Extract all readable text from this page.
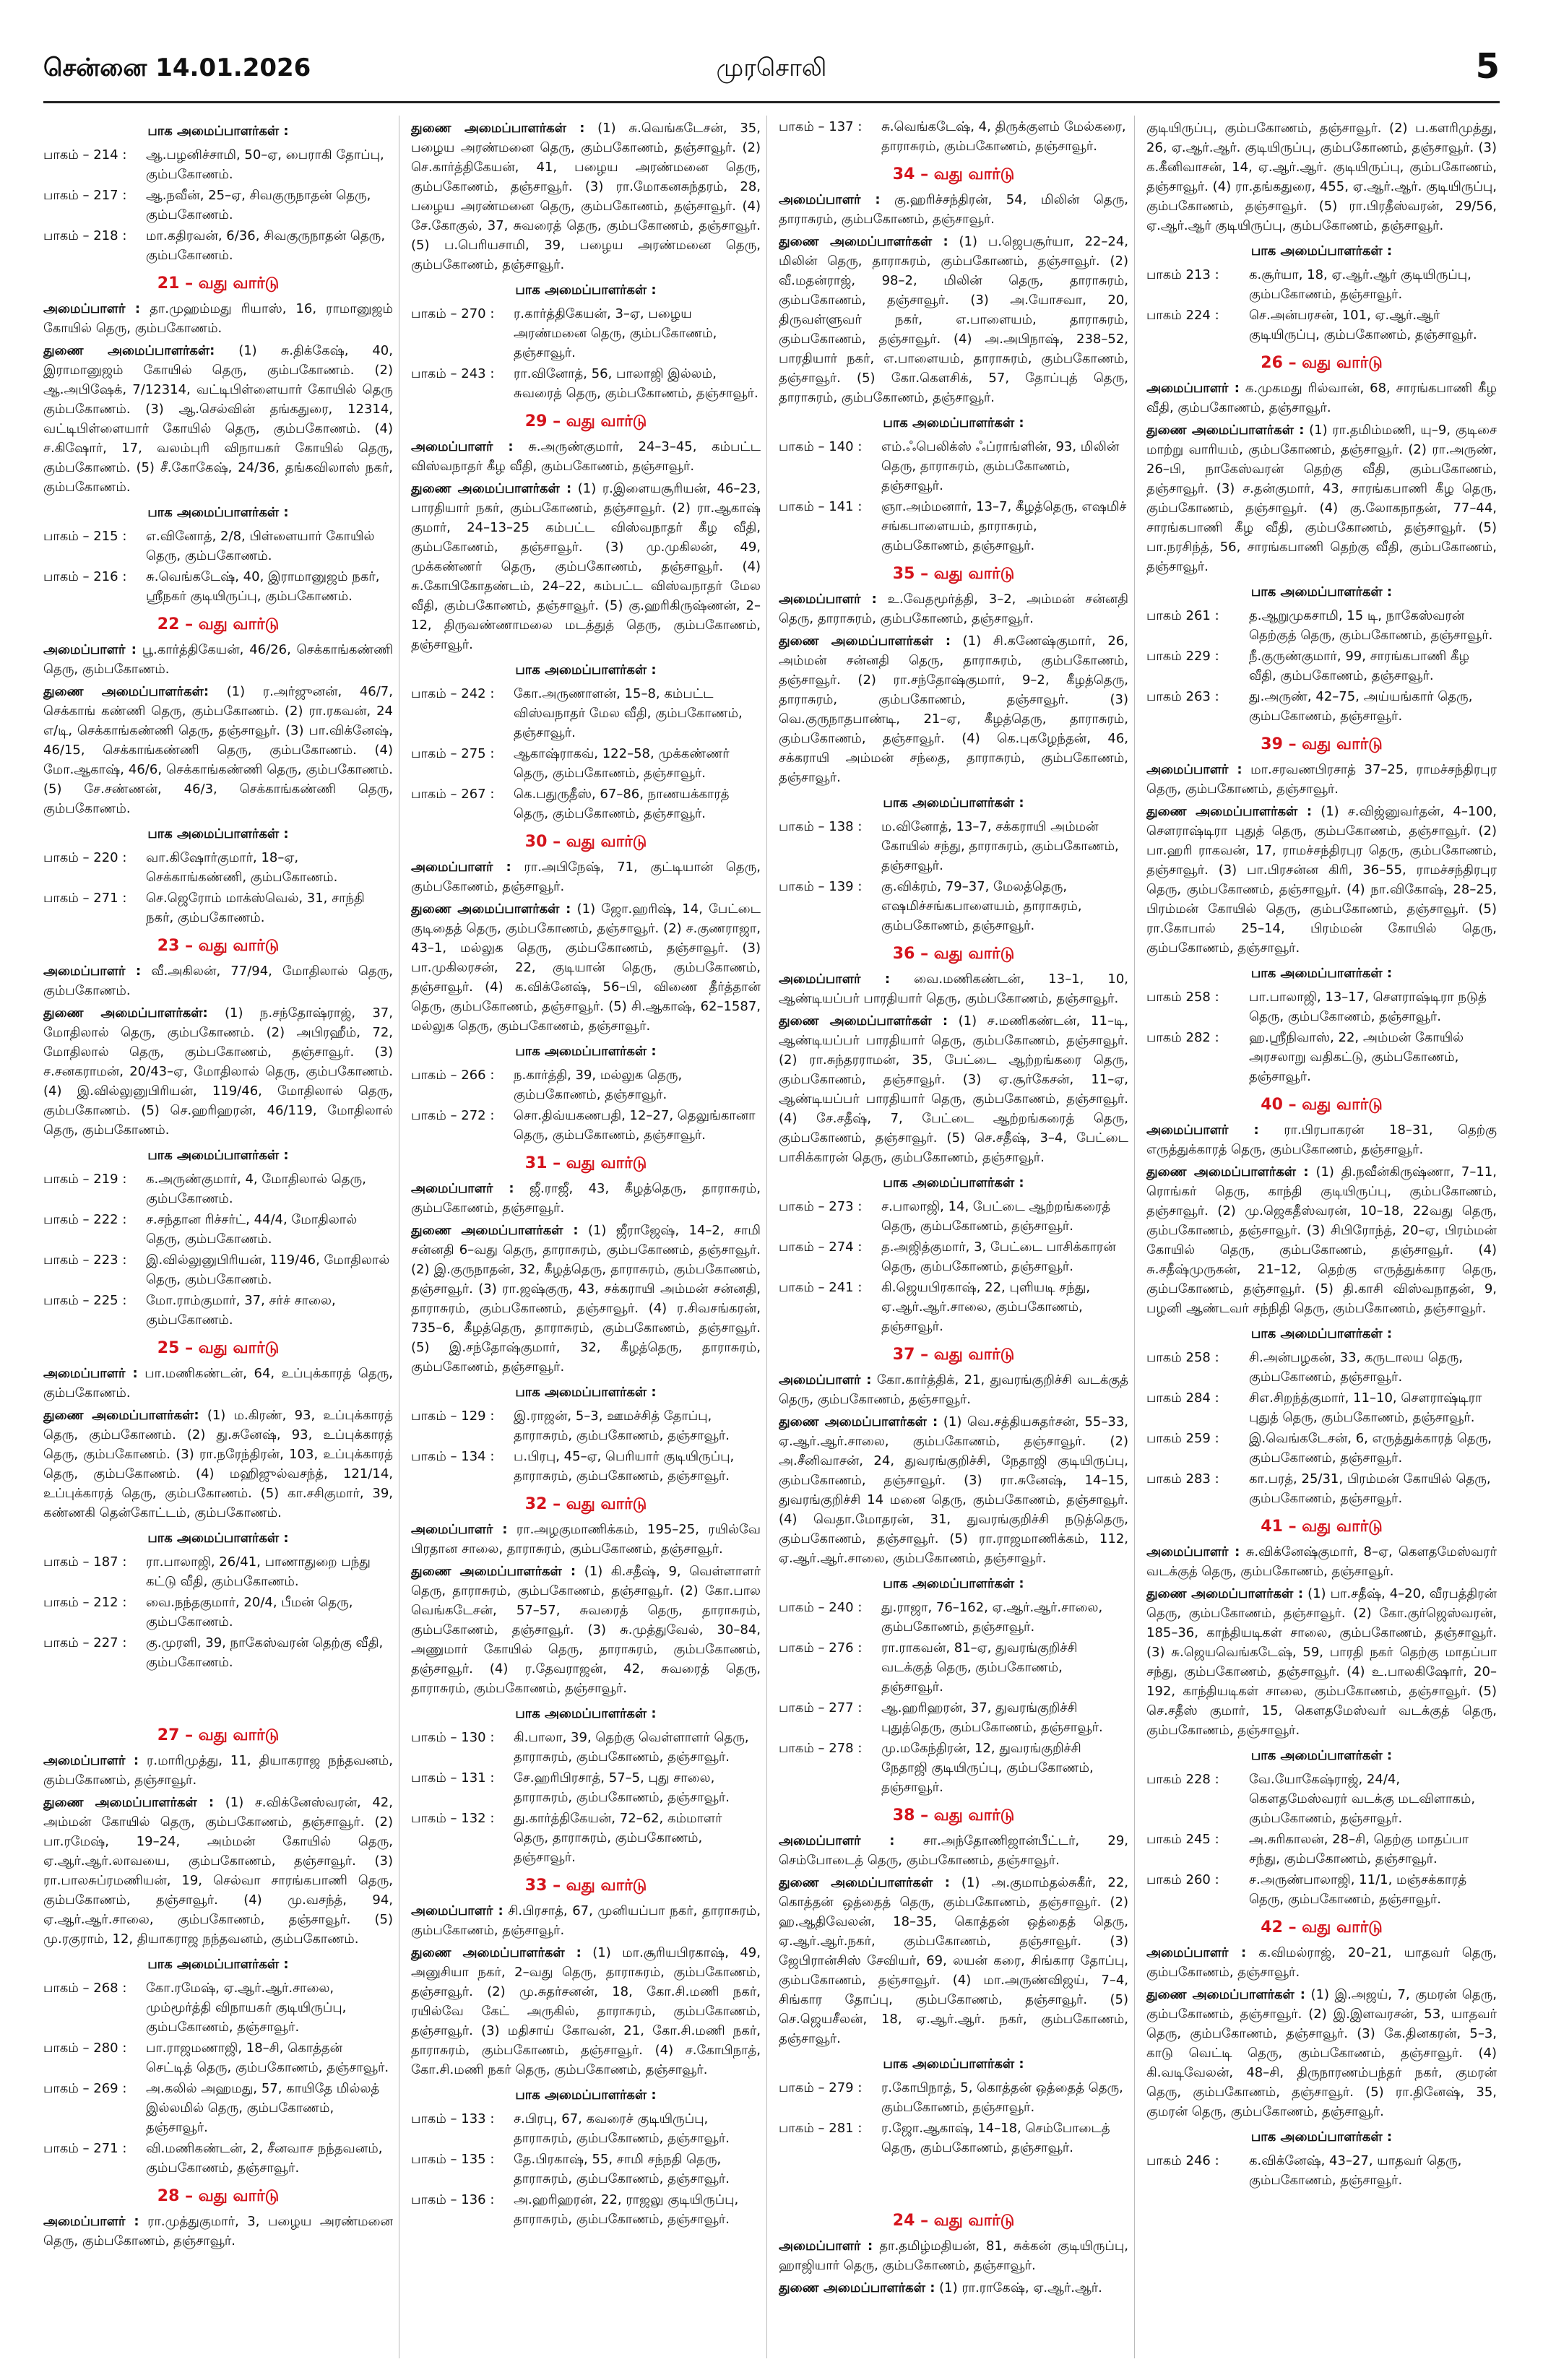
சென்னை 14.01.2026	முரசொலி	5
பாக அமைப்பாளர்கள் :
பாகம் – 214 :	ஆ.பழனிச்சாமி, 50–ஏ, பைராகி தோப்பு, கும்பகோணம்.
பாகம் – 217 :	ஆ.நவீன், 25–ஏ, சிவகுருநாதன் தெரு, கும்பகோணம்.
பாகம் – 218 :	மா.கதிரவன், 6/36, சிவகுருநாதன் தெரு, கும்பகோணம்.
21 – வது வார்டு
அமைப்பாளர் : தா.முஹம்மது ரியாஸ், 16, ராமானுஜம் கோயில் தெரு, கும்பகோணம்.
துணை அமைப்பாளர்கள்: (1) சு.திக்கேஷ், 40, இராமானுஜம் கோயில் தெரு, கும்பகோணம். (2) ஆ.அபிஷேக், 7/12314, வட்டிபிள்ளையார் கோயில் தெரு கும்பகோணம். (3) ஆ.செல்வின் தங்கதுரை, 12314, வட்டிபிள்ளையார் கோயில் தெரு, கும்பகோணம். (4) ச.கிஷோர், 17, வலம்புரி விநாயகர் கோயில் தெரு, கும்பகோணம். (5) சீ.கோகேஷ், 24/36, தங்கவிலாஸ் நகர், கும்பகோணம்.
பாக அமைப்பாளர்கள் :
பாகம் – 215 :	எ.வினோத், 2/8, பிள்ளையார் கோயில் தெரு, கும்பகோணம்.
பாகம் – 216 :	சு.வெங்கடேஷ், 40, இராமானுஜம் நகர், ஸ்ரீநகர் குடியிருப்பு, கும்பகோணம்.
22 – வது வார்டு
அமைப்பாளர் : பூ.கார்த்திகேயன், 46/26, செக்காங்கண்ணி தெரு, கும்பகோணம்.
துணை அமைப்பாளர்கள்: (1) ர.அர்ஜுனன், 46/7, செக்காங் கண்ணி தெரு, கும்பகோணம். (2) ரா.ரகவன், 24 எ/டி, செக்காங்கண்ணி தெரு, தஞ்சாவூர். (3) பா.விக்னேஷ், 46/15, செக்காங்கண்ணி தெரு, கும்பகோணம். (4) மோ.ஆகாஷ், 46/6, செக்காங்கண்ணி தெரு, கும்பகோணம். (5) சே.சண்ணன், 46/3, செக்காங்கண்ணி தெரு, கும்பகோணம்.
பாக அமைப்பாளர்கள் :
பாகம் – 220 :	வா.கிஷோர்குமார், 18–ஏ, செக்காங்கண்ணி, கும்பகோணம்.
பாகம் – 271 :	செ.ஜெரோம் மாக்ஸ்வெல், 31, சாந்தி நகர், கும்பகோணம்.
23 – வது வார்டு
அமைப்பாளர் : வீ.அகிலன், 77/94, மோதிலால் தெரு, கும்பகோணம்.
துணை அமைப்பாளர்கள்: (1) ந.சந்தோஷ்ராஜ், 37, மோதிலால் தெரு, கும்பகோணம். (2) அபிரஹீம், 72, மோதிலால் தெரு, கும்பகோணம், தஞ்சாவூர். (3) ச.சனகராமன், 20/43–ஏ, மோதிலால் தெரு, கும்பகோணம். (4) இ.வில்லுனுபிரியன், 119/46, மோதிலால் தெரு, கும்பகோணம். (5) செ.ஹரிஹரன், 46/119, மோதிலால் தெரு, கும்பகோணம்.
பாக அமைப்பாளர்கள் :
பாகம் – 219 :	க.அருண்குமார், 4, மோதிலால் தெரு, கும்பகோணம்.
பாகம் – 222 :	ச.சந்தான ரிச்சர்ட், 44/4, மோதிலால் தெரு, கும்பகோணம்.
பாகம் – 223 :	இ.வில்லுனுபிரியன், 119/46, மோதிலால் தெரு, கும்பகோணம்.
பாகம் – 225 :	மோ.ராம்குமார், 37, சர்ச் சாலை, கும்பகோணம்.
25 – வது வார்டு
அமைப்பாளர் : பா.மணிகண்டன், 64, உப்புக்காரத் தெரு, கும்பகோணம்.
துணை அமைப்பாளர்கள்: (1) ம.கிரண், 93, உப்புக்காரத் தெரு, கும்பகோணம். (2) து.சுனேஷ், 93, உப்புக்காரத் தெரு, கும்பகோணம். (3) ரா.நரேந்திரன், 103, உப்புக்காரத் தெரு, கும்பகோணம். (4) மஹிஜுல்வசந்த், 121/14, உப்புக்காரத் தெரு, கும்பகோணம். (5) கா.சசிகுமார், 39, கண்ணகி தென்கோட்டம், கும்பகோணம்.
பாக அமைப்பாளர்கள் :
பாகம் – 187 :	ரா.பாலாஜி, 26/41, பாணாதுறை பந்து கட்டு வீதி, கும்பகோணம்.
பாகம் – 212 :	வை.நந்தகுமார், 20/4, பீமன் தெரு, கும்பகோணம்.
பாகம் – 227 :	கு.முரளி, 39, நாகேஸ்வரன் தெற்கு வீதி, கும்பகோணம்.
27 – வது வார்டு
அமைப்பாளர் : ர.மாரிமுத்து, 11, தியாகராஜ நந்தவனம், கும்பகோணம், தஞ்சாவூர்.
துணை அமைப்பாளர்கள் : (1) ச.விக்னேஸ்வரன், 42, அம்மன் கோயில் தெரு, கும்பகோணம், தஞ்சாவூர். (2) பா.ரமேஷ், 19–24, அம்மன் கோயில் தெரு, ஏ.ஆர்.ஆர்.லாவயை, கும்பகோணம், தஞ்சாவூர். (3) ரா.பாலசுப்ரமணியன், 19, செல்வா சாரங்கபாணி தெரு, கும்பகோணம், தஞ்சாவூர். (4) மு.வசந்த், 94, ஏ.ஆர்.ஆர்.சாலை, கும்பகோணம், தஞ்சாவூர். (5) மு.ரகுராம், 12, தியாகராஜ நந்தவனம், கும்பகோணம்.
பாக அமைப்பாளர்கள் :
பாகம் – 268 :	கோ.ரமேஷ், ஏ.ஆர்.ஆர்.சாலை, மும்மூர்த்தி விநாயகர் குடியிருப்பு, கும்பகோணம், தஞ்சாவூர்.
பாகம் – 280 :	பா.ராஜமணாஜி, 18–சி, கொத்தன் செட்டித் தெரு, கும்பகோணம், தஞ்சாவூர்.
பாகம் – 269 :	அ.கலில் அஹமது, 57, காயிதே மில்லத் இல்லமில் தெரு, கும்பகோணம், தஞ்சாவூர்.
பாகம் – 271 :	வி.மணிகண்டன், 2, சீனவாச நந்தவனம், கும்பகோணம், தஞ்சாவூர்.
28 – வது வார்டு
அமைப்பாளர் : ரா.முத்துகுமார், 3, பழைய அரண்மனை தெரு, கும்பகோணம், தஞ்சாவூர்.
துணை அமைப்பாளர்கள் : (1) சு.வெங்கடேசன், 35, பழைய அரண்மனை தெரு, கும்பகோணம், தஞ்சாவூர். (2) செ.கார்த்திகேயன், 41, பழைய அரண்மனை தெரு, கும்பகோணம், தஞ்சாவூர். (3) ரா.மோகனசுந்தரம், 28, பழைய அரண்மனை தெரு, கும்பகோணம், தஞ்சாவூர். (4) சே.கோகுல், 37, சுவரைத் தெரு, கும்பகோணம், தஞ்சாவூர். (5) ப.பெரியசாமி, 39, பழைய அரண்மனை தெரு, கும்பகோணம், தஞ்சாவூர்.
பாக அமைப்பாளர்கள் :
பாகம் – 270 :	ர.கார்த்திகேயன், 3–ஏ, பழைய அரண்மனை தெரு, கும்பகோணம், தஞ்சாவூர்.
பாகம் – 243 :	ரா.வினோத், 56, பாலாஜி இல்லம், சுவரைத் தெரு, கும்பகோணம், தஞ்சாவூர்.
29 – வது வார்டு
அமைப்பாளர் : சு.அருண்குமார், 24–3–45, கம்பட்ட விஸ்வநாதர் கீழ வீதி, கும்பகோணம், தஞ்சாவூர்.
துணை அமைப்பாளர்கள் : (1) ர.இளையசூரியன், 46–23, பாரதியார் நகர், கும்பகோணம், தஞ்சாவூர். (2) ரா.ஆகாஷ் குமார், 24–13–25 கம்பட்ட விஸ்வநாதர் கீழ வீதி, கும்பகோணம், தஞ்சாவூர். (3) மு.முகிலன், 49, முக்கண்ணர் தெரு, கும்பகோணம், தஞ்சாவூர். (4) சு.கோபிகோதண்டம், 24–22, கம்பட்ட விஸ்வநாதர் மேல வீதி, கும்பகோணம், தஞ்சாவூர். (5) கு.ஹரிகிருஷ்ணன், 2–12, திருவண்ணாமலை மடத்துத் தெரு, கும்பகோணம், தஞ்சாவூர்.
பாக அமைப்பாளர்கள் :
பாகம் – 242 :	கோ.அருணாளன், 15–8, கம்பட்ட விஸ்வநாதர் மேல வீதி, கும்பகோணம், தஞ்சாவூர்.
பாகம் – 275 :	ஆகாஷ்ராகவ், 122–58, முக்கண்ணர் தெரு, கும்பகோணம், தஞ்சாவூர்.
பாகம் – 267 :	கெ.பதுருதீஸ், 67–86, நாணயக்காரத் தெரு, கும்பகோணம், தஞ்சாவூர்.
30 – வது வார்டு
அமைப்பாளர் : ரா.அபிநேஷ், 71, குட்டியான் தெரு, கும்பகோணம், தஞ்சாவூர்.
துணை அமைப்பாளர்கள் : (1) ஜோ.ஹரிஷ், 14, பேட்டை குடிதைத் தெரு, கும்பகோணம், தஞ்சாவூர். (2) ச.குணராஜா, 43–1, மல்லுக தெரு, கும்பகோணம், தஞ்சாவூர். (3) பா.முகிலரசன், 22, குடியான் தெரு, கும்பகோணம், தஞ்சாவூர். (4) க.விக்னேஷ், 56–பி, விணை தீர்த்தான் தெரு, கும்பகோணம், தஞ்சாவூர். (5) சி.ஆகாஷ், 62–1587, மல்லுக தெரு, கும்பகோணம், தஞ்சாவூர்.
பாக அமைப்பாளர்கள் :
பாகம் – 266 :	ந.கார்த்தி, 39, மல்லுக தெரு, கும்பகோணம், தஞ்சாவூர்.
பாகம் – 272 :	சொ.திவ்யகணபதி, 12–27, தெலுங்கானா தெரு, கும்பகோணம், தஞ்சாவூர்.
31 – வது வார்டு
அமைப்பாளர் : ஜீ.ராஜீ, 43, கீழத்தெரு, தாராசுரம், கும்பகோணம், தஞ்சாவூர்.
துணை அமைப்பாளர்கள் : (1) ஜீராஜேஷ், 14–2, சாமி சன்னதி 6–வது தெரு, தாராசுரம், கும்பகோணம், தஞ்சாவூர். (2) இ.குருநாதன், 32, கீழத்தெரு, தாராசுரம், கும்பகோணம், தஞ்சாவூர். (3) ரா.ஜஷ்குரு, 43, சக்கராயி அம்மன் சன்னதி, தாராசுரம், கும்பகோணம், தஞ்சாவூர். (4) ர.சிவசங்கரன், 735–6, கீழத்தெரு, தாராசுரம், கும்பகோணம், தஞ்சாவூர். (5) இ.சந்தோஷ்குமார், 32, கீழத்தெரு, தாராசுரம், கும்பகோணம், தஞ்சாவூர்.
பாக அமைப்பாளர்கள் :
பாகம் – 129 :	இ.ராஜன், 5–3, ஊமச்சித் தோப்பு, தாராசுரம், கும்பகோணம், தஞ்சாவூர்.
பாகம் – 134 :	ப.பிரபு, 45–ஏ, பெரியார் குடியிருப்பு, தாராசுரம், கும்பகோணம், தஞ்சாவூர்.
32 – வது வார்டு
அமைப்பாளர் : ரா.அழகுமாணிக்கம், 195–25, ரயில்வே பிரதான சாலை, தாராசுரம், கும்பகோணம், தஞ்சாவூர்.
துணை அமைப்பாளர்கள் : (1) கி.சதீஷ், 9, வெள்ளாளர் தெரு, தாராசுரம், கும்பகோணம், தஞ்சாவூர். (2) கோ.பால வெங்கடேசன், 57–57, சுவரைத் தெரு, தாராசுரம், கும்பகோணம், தஞ்சாவூர். (3) சு.முத்துவேல், 30–84, அணுமார் கோயில் தெரு, தாராசுரம், கும்பகோணம், தஞ்சாவூர். (4) ர.தேவராஜன், 42, சுவரைத் தெரு, தாராசுரம், கும்பகோணம், தஞ்சாவூர்.
பாக அமைப்பாளர்கள் :
பாகம் – 130 :	கி.பாலா, 39, தெற்கு வெள்ளாளர் தெரு, தாராசுரம், கும்பகோணம், தஞ்சாவூர்.
பாகம் – 131 :	சே.ஹரிபிரசாத், 57–5, புது சாலை, தாராசுரம், கும்பகோணம், தஞ்சாவூர்.
பாகம் – 132 :	து.கார்த்திகேயன், 72–62, கம்மாளர் தெரு, தாராசுரம், கும்பகோணம், தஞ்சாவூர்.
33 – வது வார்டு
அமைப்பாளர் : சி.பிரசாத், 67, முனியப்பா நகர், தாராசுரம், கும்பகோணம், தஞ்சாவூர்.
துணை அமைப்பாளர்கள் : (1) மா.சூரியபிரகாஷ், 49, அனுசியா நகர், 2–வது தெரு, தாராசுரம், கும்பகோணம், தஞ்சாவூர். (2) மு.சுதர்சனன், 18, கோ.சி.மணி நகர், ரயில்வே கேட் அருகில், தாராசுரம், கும்பகோணம், தஞ்சாவூர். (3) மதிசாய் கோவன், 21, கோ.சி.மணி நகர், தாராசுரம், கும்பகோணம், தஞ்சாவூர். (4) ச.கோபிநாத், கோ.சி.மணி நகர் தெரு, கும்பகோணம், தஞ்சாவூர்.
பாக அமைப்பாளர்கள் :
பாகம் – 133 :	ச.பிரபு, 67, கவரைச் குடியிருப்பு, தாராசுரம், கும்பகோணம், தஞ்சாவூர்.
பாகம் – 135 :	தே.பிரகாஷ், 55, சாமி சந்நதி தெரு, தாராசுரம், கும்பகோணம், தஞ்சாவூர்.
பாகம் – 136 :	அ.ஹரிஹரன், 22, ராஜலு குடியிருப்பு, தாராசுரம், கும்பகோணம், தஞ்சாவூர்.
பாகம் – 137 :	சு.வெங்கடேஷ், 4, திருக்குளம் மேல்கரை, தாராசுரம், கும்பகோணம், தஞ்சாவூர்.
34 – வது வார்டு
அமைப்பாளர் : கு.ஹரிச்சந்திரன், 54, மிலின் தெரு, தாராசுரம், கும்பகோணம், தஞ்சாவூர்.
துணை அமைப்பாளர்கள் : (1) ப.ஜெபசூர்யா, 22–24, மிலின் தெரு, தாராசுரம், கும்பகோணம், தஞ்சாவூர். (2) வீ.மதன்ராஜ், 98–2, மிலின் தெரு, தாராசுரம், கும்பகோணம், தஞ்சாவூர். (3) அ.யோசவா, 20, திருவள்ளுவர் நகர், எ.பாளையம், தாராசுரம், கும்பகோணம், தஞ்சாவூர். (4) அ.அபிநாஷ், 238–52, பாரதியார் நகர், எ.பாளையம், தாராசுரம், கும்பகோணம், தஞ்சாவூர். (5) கோ.கௌசிக், 57, தோப்புத் தெரு, தாராசுரம், கும்பகோணம், தஞ்சாவூர்.
பாக அமைப்பாளர்கள் :
பாகம் – 140 :	எம்.ஃபெலிக்ஸ் ஃப்ராங்ளின், 93, மிலின் தெரு, தாராசுரம், கும்பகோணம், தஞ்சாவூர்.
பாகம் – 141 :	ஞா.அம்மனார், 13–7, கீழத்தெரு, எஷமிச் சங்கபாளையம், தாராசுரம், கும்பகோணம், தஞ்சாவூர்.
35 – வது வார்டு
அமைப்பாளர் : உ.வேதமூர்த்தி, 3–2, அம்மன் சன்னதி தெரு, தாராசுரம், கும்பகோணம், தஞ்சாவூர்.
துணை அமைப்பாளர்கள் : (1) சி.கணேஷ்குமார், 26, அம்மன் சன்னதி தெரு, தாராசுரம், கும்பகோணம், தஞ்சாவூர். (2) ரா.சந்தோஷ்குமார், 9–2, கீழத்தெரு, தாராசுரம், கும்பகோணம், தஞ்சாவூர். (3) வெ.குருநாதபாண்டி, 21–ஏ, கீழத்தெரு, தாராசுரம், கும்பகோணம், தஞ்சாவூர். (4) கெ.புகழேந்தன், 46, சக்கராயி அம்மன் சந்தை, தாராசுரம், கும்பகோணம், தஞ்சாவூர்.
பாக அமைப்பாளர்கள் :
பாகம் – 138 :	ம.வினோத், 13–7, சக்கராயி அம்மன் கோயில் சந்து, தாராசுரம், கும்பகோணம், தஞ்சாவூர்.
பாகம் – 139 :	கு.விக்ரம், 79–37, மேலத்தெரு, எஷமிச்சங்கபாளையம், தாராசுரம், கும்பகோணம், தஞ்சாவூர்.
36 – வது வார்டு
அமைப்பாளர் : வை.மணிகண்டன், 13–1, 10, ஆண்டியப்பர் பாரதியார் தெரு, கும்பகோணம், தஞ்சாவூர்.
துணை அமைப்பாளர்கள் : (1) ச.மணிகண்டன், 11–டி, ஆண்டியப்பர் பாரதியார் தெரு, கும்பகோணம், தஞ்சாவூர். (2) ரா.சுந்தரராமன், 35, பேட்டை ஆற்றங்கரை தெரு, கும்பகோணம், தஞ்சாவூர். (3) ஏ.சூர்கேசன், 11–ஏ, ஆண்டியப்பர் பாரதியார் தெரு, கும்பகோணம், தஞ்சாவூர். (4) சே.சதீஷ், 7, பேட்டை ஆற்றங்கரைத் தெரு, கும்பகோணம், தஞ்சாவூர். (5) செ.சதீஷ், 3–4, பேட்டை பாசிக்காரன் தெரு, கும்பகோணம், தஞ்சாவூர்.
பாக அமைப்பாளர்கள் :
பாகம் – 273 :	ச.பாலாஜி, 14, பேட்டை ஆற்றங்கரைத் தெரு, கும்பகோணம், தஞ்சாவூர்.
பாகம் – 274 :	த.அஜித்குமார், 3, பேட்டை பாசிக்காரன் தெரு, கும்பகோணம், தஞ்சாவூர்.
பாகம் – 241 :	கி.ஜெயபிரகாஷ், 22, புளியடி சந்து, ஏ.ஆர்.ஆர்.சாலை, கும்பகோணம், தஞ்சாவூர்.
37 – வது வார்டு
அமைப்பாளர் : கோ.கார்த்திக், 21, துவரங்குறிச்சி வடக்குத் தெரு, கும்பகோணம், தஞ்சாவூர்.
துணை அமைப்பாளர்கள் : (1) வெ.சத்தியசுதர்சன், 55–33, ஏ.ஆர்.ஆர்.சாலை, கும்பகோணம், தஞ்சாவூர். (2) அ.சீனிவாசன், 24, துவரங்குறிச்சி, நேதாஜி குடியிருப்பு, கும்பகோணம், தஞ்சாவூர். (3) ரா.சுனேஷ், 14–15, துவரங்குறிச்சி 14 மனை தெரு, கும்பகோணம், தஞ்சாவூர். (4) வெதா.மோதரன், 31, துவரங்குறிச்சி நடுத்தெரு, கும்பகோணம், தஞ்சாவூர். (5) ரா.ராஜமாணிக்கம், 112, ஏ.ஆர்.ஆர்.சாலை, கும்பகோணம், தஞ்சாவூர்.
பாக அமைப்பாளர்கள் :
பாகம் – 240 :	து.ராஜா, 76–162, ஏ.ஆர்.ஆர்.சாலை, கும்பகோணம், தஞ்சாவூர்.
பாகம் – 276 :	ரா.ராகவன், 81–ஏ, துவரங்குறிச்சி வடக்குத் தெரு, கும்பகோணம், தஞ்சாவூர்.
பாகம் – 277 :	ஆ.ஹரிஹரன், 37, துவரங்குறிச்சி புதுத்தெரு, கும்பகோணம், தஞ்சாவூர்.
பாகம் – 278 :	மு.மகேந்திரன், 12, துவரங்குறிச்சி நேதாஜி குடியிருப்பு, கும்பகோணம், தஞ்சாவூர்.
38 – வது வார்டு
அமைப்பாளர் : சா.அந்தோணிஜான்பீட்டர், 29, செம்போடைத் தெரு, கும்பகோணம், தஞ்சாவூர்.
துணை அமைப்பாளர்கள் : (1) அ.குமாம்தல்சுகீர், 22, கொத்தன் ஒத்தைத் தெரு, கும்பகோணம், தஞ்சாவூர். (2) ஹ.ஆதிவேலன், 18–35, கொத்தன் ஒத்தைத் தெரு, ஏ.ஆர்.ஆர்.நகர், கும்பகோணம், தஞ்சாவூர். (3) ஜேபிரான்சிஸ் சேவியர், 69, லயன் கரை, சிங்கார தோப்பு, கும்பகோணம், தஞ்சாவூர். (4) மா.அருண்விஜய், 7–4, சிங்கார தோப்பு, கும்பகோணம், தஞ்சாவூர். (5) செ.ஜெயசீலன், 18, ஏ.ஆர்.ஆர். நகர், கும்பகோணம், தஞ்சாவூர்.
பாக அமைப்பாளர்கள் :
பாகம் – 279 :	ர.கோபிநாத், 5, கொத்தன் ஒத்தைத் தெரு, கும்பகோணம், தஞ்சாவூர்.
பாகம் – 281 :	ர.ஜோ.ஆகாஷ், 14–18, செம்போடைத் தெரு, கும்பகோணம், தஞ்சாவூர்.
24 – வது வார்டு
அமைப்பாளர் : தா.தமிழ்மதியன், 81, சுக்கன் குடியிருப்பு, ஹாஜியார் தெரு, கும்பகோணம், தஞ்சாவூர்.
துணை அமைப்பாளர்கள் : (1) ரா.ராகேஷ், ஏ.ஆர்.ஆர்.
குடியிருப்பு, கும்பகோணம், தஞ்சாவூர். (2) ப.களரிமுத்து, 26, ஏ.ஆர்.ஆர். குடியிருப்பு, கும்பகோணம், தஞ்சாவூர். (3) க.கீனிவாசன், 14, ஏ.ஆர்.ஆர். குடியிருப்பு, கும்பகோணம், தஞ்சாவூர். (4) ரா.தங்கதுரை, 455, ஏ.ஆர்.ஆர். குடியிருப்பு, கும்பகோணம், தஞ்சாவூர். (5) ரா.பிரதீஸ்வரன், 29/56, ஏ.ஆர்.ஆர் குடியிருப்பு, கும்பகோணம், தஞ்சாவூர்.
பாக அமைப்பாளர்கள் :
பாகம் 213 :	க.சூர்யா, 18, ஏ.ஆர்.ஆர் குடியிருப்பு, கும்பகோணம், தஞ்சாவூர்.
பாகம் 224 :	செ.அன்பரசன், 101, ஏ.ஆர்.ஆர் குடியிருப்பு, கும்பகோணம், தஞ்சாவூர்.
26 – வது வார்டு
அமைப்பாளர் : க.முகமது ரில்வான், 68, சாரங்கபாணி கீழ வீதி, கும்பகோணம், தஞ்சாவூர்.
துணை அமைப்பாளர்கள் : (1) ரா.தமிம்மணி, யு–9, குடிசை மாற்று வாரியம், கும்பகோணம், தஞ்சாவூர். (2) ரா.அருண், 26–பி, நாகேஸ்வரன் தெற்கு வீதி, கும்பகோணம், தஞ்சாவூர். (3) ச.தன்குமார், 43, சாரங்கபாணி கீழ தெரு, கும்பகோணம், தஞ்சாவூர். (4) கு.லோகநாதன், 77–44, சாரங்கபாணி கீழ வீதி, கும்பகோணம், தஞ்சாவூர். (5) பா.நரசிந்த், 56, சாரங்கபாணி தெற்கு வீதி, கும்பகோணம், தஞ்சாவூர்.
பாக அமைப்பாளர்கள் :
பாகம் 261 :	த.ஆறுமுகசாமி, 15 டி, நாகேஸ்வரன் தெற்குத் தெரு, கும்பகோணம், தஞ்சாவூர்.
பாகம் 229 :	நீ.குருண்குமார், 99, சாரங்கபாணி கீழ வீதி, கும்பகோணம், தஞ்சாவூர்.
பாகம் 263 :	து.அருண், 42–75, அய்யங்கார் தெரு, கும்பகோணம், தஞ்சாவூர்.
39 – வது வார்டு
அமைப்பாளர் : மா.சரவணபிரசாத் 37–25, ராமச்சந்திரபுர தெரு, கும்பகோணம், தஞ்சாவூர்.
துணை அமைப்பாளர்கள் : (1) ச.விஜ்னுவர்தன், 4–100, சௌராஷ்டிரா புதுத் தெரு, கும்பகோணம், தஞ்சாவூர். (2) பா.ஹரி ராகவன், 17, ராமச்சந்திரபுர தெரு, கும்பகோணம், தஞ்சாவூர். (3) பா.பிரசன்ன கிரி, 36–55, ராமச்சந்திரபுர தெரு, கும்பகோணம், தஞ்சாவூர். (4) நா.விகோஷ், 28–25, பிரம்மன் கோயில் தெரு, கும்பகோணம், தஞ்சாவூர். (5) ரா.கோபால் 25–14, பிரம்மன் கோயில் தெரு, கும்பகோணம், தஞ்சாவூர்.
பாக அமைப்பாளர்கள் :
பாகம் 258 :	பா.பாலாஜி, 13–17, சௌராஷ்டிரா நடுத் தெரு, கும்பகோணம், தஞ்சாவூர்.
பாகம் 282 :	ஹ.ஸ்ரீநிவாஸ், 22, அம்மன் கோயில் அரசலாறு வதிகட்டு, கும்பகோணம், தஞ்சாவூர்.
40 – வது வார்டு
அமைப்பாளர் : ரா.பிரபாகரன் 18–31, தெற்கு எருத்துக்காரத் தெரு, கும்பகோணம், தஞ்சாவூர்.
துணை அமைப்பாளர்கள் : (1) தி.நவீன்கிருஷ்ணா, 7–11, ரொங்கர் தெரு, காந்தி குடியிருப்பு, கும்பகோணம், தஞ்சாவூர். (2) மு.ஜெகதீஸ்வரன், 10–18, 22வது தெரு, கும்பகோணம், தஞ்சாவூர். (3) சிபிரோந்த், 20–ஏ, பிரம்மன் கோயில் தெரு, கும்பகோணம், தஞ்சாவூர். (4) சு.சதீஷ்முருகன், 21–12, தெற்கு எருத்துக்கார தெரு, கும்பகோணம், தஞ்சாவூர். (5) தி.காசி விஸ்வநாதன், 9, பழனி ஆண்டவர் சந்நிதி தெரு, கும்பகோணம், தஞ்சாவூர்.
பாக அமைப்பாளர்கள் :
பாகம் 258 :	சி.அன்பழகன், 33, கருடாலய தெரு, கும்பகோணம், தஞ்சாவூர்.
பாகம் 284 :	சிஎ.சிறந்த்குமார், 11–10, சௌராஷ்டிரா புதுத் தெரு, கும்பகோணம், தஞ்சாவூர்.
பாகம் 259 :	இ.வெங்கடேசன், 6, எருத்துக்காரத் தெரு, கும்பகோணம், தஞ்சாவூர்.
பாகம் 283 :	கா.பரத், 25/31, பிரம்மன் கோயில் தெரு, கும்பகோணம், தஞ்சாவூர்.
41 – வது வார்டு
அமைப்பாளர் : சு.விக்னேஷ்குமார், 8–ஏ, கௌதமேஸ்வரர் வடக்குத் தெரு, கும்பகோணம், தஞ்சாவூர்.
துணை அமைப்பாளர்கள் : (1) பா.சதீஷ், 4–20, வீரபத்திரன் தெரு, கும்பகோணம், தஞ்சாவூர். (2) கோ.குர்ஜெஸ்வரன், 185–36, காந்தியடிகள் சாலை, கும்பகோணம், தஞ்சாவூர். (3) சு.ஜெயவெங்கடேஷ், 59, பாரதி நகர் தெற்கு மாதப்பா சந்து, கும்பகோணம், தஞ்சாவூர். (4) உ.பாலகிஷோர், 20–192, காந்தியடிகள் சாலை, கும்பகோணம், தஞ்சாவூர். (5) செ.சதீஸ் குமார், 15, கௌதமேஸ்வர் வடக்குத் தெரு, கும்பகோணம், தஞ்சாவூர்.
பாக அமைப்பாளர்கள் :
பாகம் 228 :	வே.யோகேஷ்ராஜ், 24/4, கௌதமேஸ்வரர் வடக்கு மடவிளாகம், கும்பகோணம், தஞ்சாவூர்.
பாகம் 245 :	அ.சுரிகாலன், 28–சி, தெற்கு மாதப்பா சந்து, கும்பகோணம், தஞ்சாவூர்.
பாகம் 260 :	ச.அருண்பாலாஜி, 11/1, மஞ்சக்காரத் தெரு, கும்பகோணம், தஞ்சாவூர்.
42 – வது வார்டு
அமைப்பாளர் : க.விமல்ராஜ், 20–21, யாதவர் தெரு, கும்பகோணம், தஞ்சாவூர்.
துணை அமைப்பாளர்கள் : (1) இ.அஜய், 7, குமரன் தெரு, கும்பகோணம், தஞ்சாவூர். (2) இ.இளவரசன், 53, யாதவர் தெரு, கும்பகோணம், தஞ்சாவூர். (3) கே.தினகரன், 5–3, காடு வெட்டி தெரு, கும்பகோணம், தஞ்சாவூர். (4) கி.வடிவேலன், 48–சி, திருநாரணம்பந்தர் நகர், குமரன் தெரு, கும்பகோணம், தஞ்சாவூர். (5) ரா.தினேஷ், 35, குமரன் தெரு, கும்பகோணம், தஞ்சாவூர்.
பாக அமைப்பாளர்கள் :
பாகம் 246 :	க.விக்னேஷ், 43–27, யாதவர் தெரு, கும்பகோணம், தஞ்சாவூர்.
